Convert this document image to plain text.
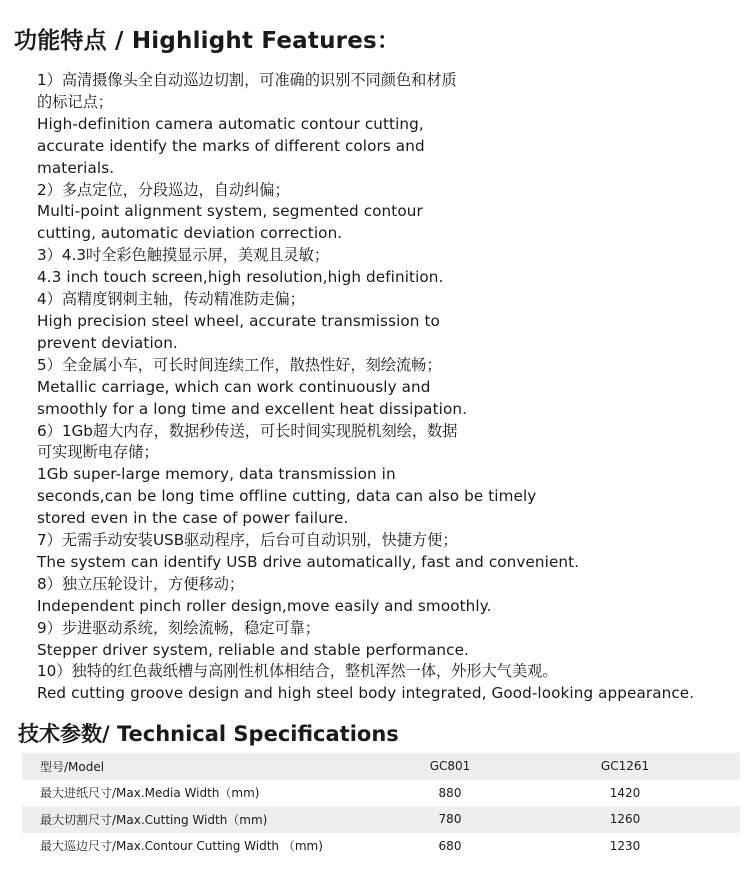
功能特点 / Highlight Features：

1）高清摄像头全自动巡边切割，可准确的识别不同颜色和材质
的标记点；

High-definition camera automatic contour cutting,
accurate identify the marks of different colors and
materials.

2）多点定位，分段巡边，自动纠偏；

Multi-point alignment system, segmented contour
cutting, automatic deviation correction.

3）4.3吋全彩色触摸显示屏，美观且灵敏；

4.3 inch touch screen,high resolution,high definition.

4）高精度钢刺主轴，传动精准防走偏；

High precision steel wheel, accurate transmission to
prevent deviation.

5）全金属小车，可长时间连续工作，散热性好，刻绘流畅；

Metallic carriage, which can work continuously and
smoothly for a long time and excellent heat dissipation.

6）1Gb超大内存，数据秒传送，可长时间实现脱机刻绘，数据
可实现断电存储；

1Gb super-large memory, data transmission in
seconds,can be long time offline cutting, data can also be timely
stored even in the case of power failure.

7）无需手动安装USB驱动程序，后台可自动识别，快捷方便；

The system can identify USB drive automatically, fast and convenient.

8）独立压轮设计，方便移动；

Independent pinch roller design,move easily and smoothly.

9）步进驱动系统，刻绘流畅，稳定可靠；

Stepper driver system, reliable and stable performance.

10）独特的红色裁纸槽与高刚性机体相结合，整机浑然一体，外形大气美观。

Red cutting groove design and high steel body integrated, Good-looking appearance.

技术参数/ Technical Specifications
型号/Model	GC801	GC1261
最大进纸尺寸/Max.Media Width（mm)	880	1420
最大切割尺寸/Max.Cutting Width（mm)	780	1260
最大巡边尺寸/Max.Contour Cutting Width （mm)	680	1230
